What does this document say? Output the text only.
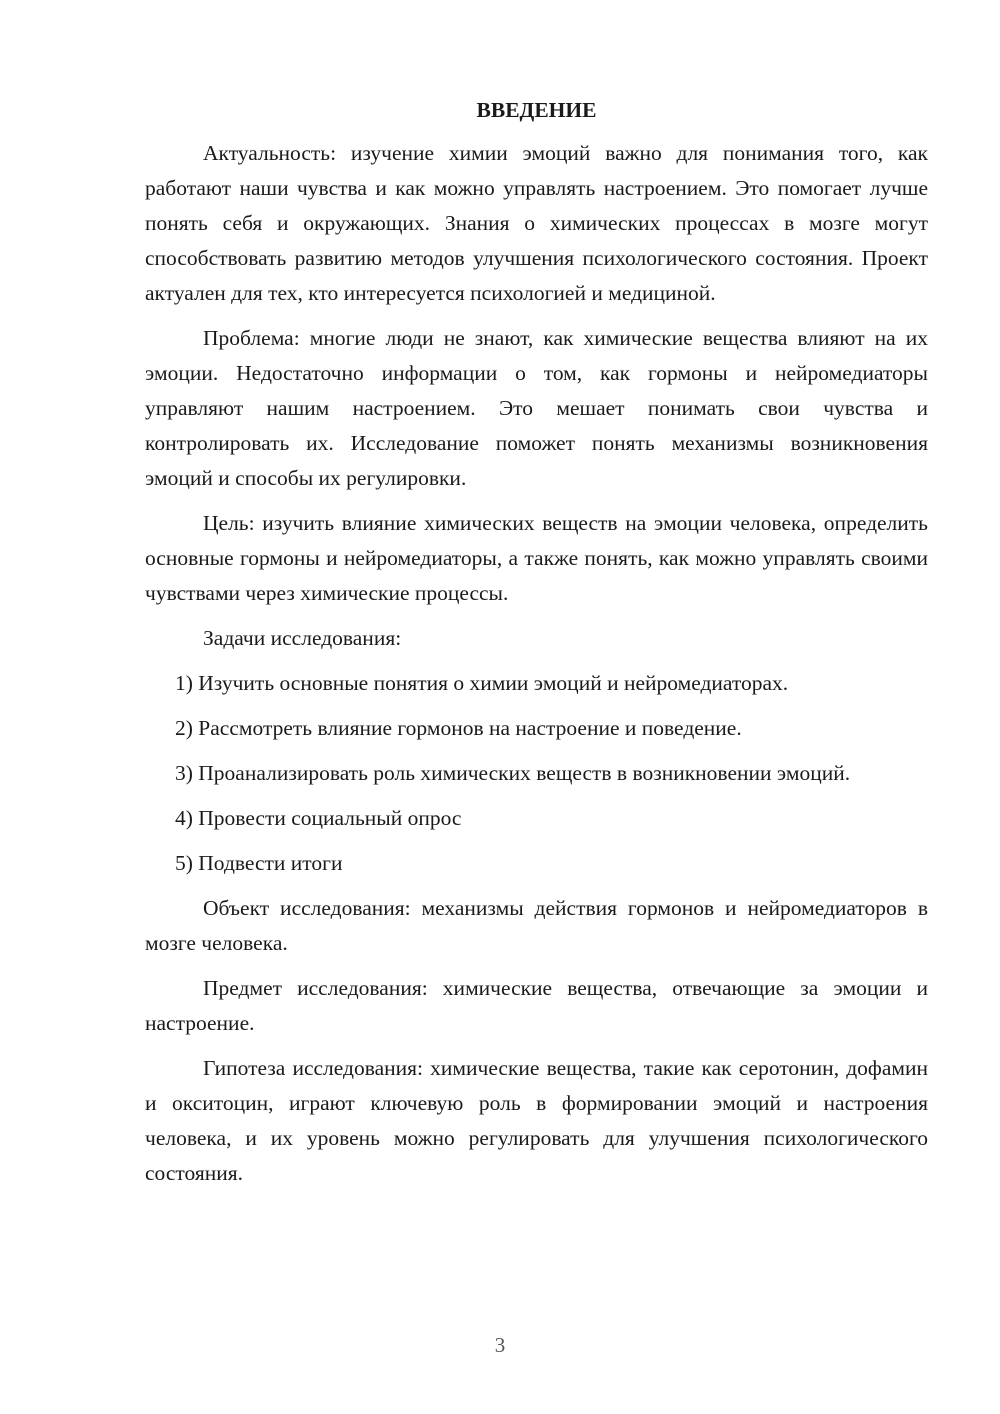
ВВЕДЕНИЕ

Актуальность: изучение химии эмоций важно для понимания того, как работают наши чувства и как можно управлять настроением. Это помогает лучше понять себя и окружающих. Знания о химических процессах в мозге могут способствовать развитию методов улучшения психологического состояния. Проект актуален для тех, кто интересуется психологией и медициной.

Проблема: многие люди не знают, как химические вещества влияют на их эмоции. Недостаточно информации о том, как гормоны и нейромедиаторы управляют нашим настроением. Это мешает понимать свои чувства и контролировать их. Исследование поможет понять механизмы возникновения эмоций и способы их регулировки.

Цель: изучить влияние химических веществ на эмоции человека, определить основные гормоны и нейромедиаторы, а также понять, как можно управлять своими чувствами через химические процессы.

Задачи исследования:

1) Изучить основные понятия о химии эмоций и нейромедиаторах.
2) Рассмотреть влияние гормонов на настроение и поведение.
3) Проанализировать роль химических веществ в возникновении эмоций.
4) Провести социальный опрос
5) Подвести итоги

Объект исследования: механизмы действия гормонов и нейромедиаторов в мозге человека.

Предмет исследования: химические вещества, отвечающие за эмоции и настроение.

Гипотеза исследования: химические вещества, такие как серотонин, дофамин и окситоцин, играют ключевую роль в формировании эмоций и настроения человека, и их уровень можно регулировать для улучшения психологического состояния.

3
